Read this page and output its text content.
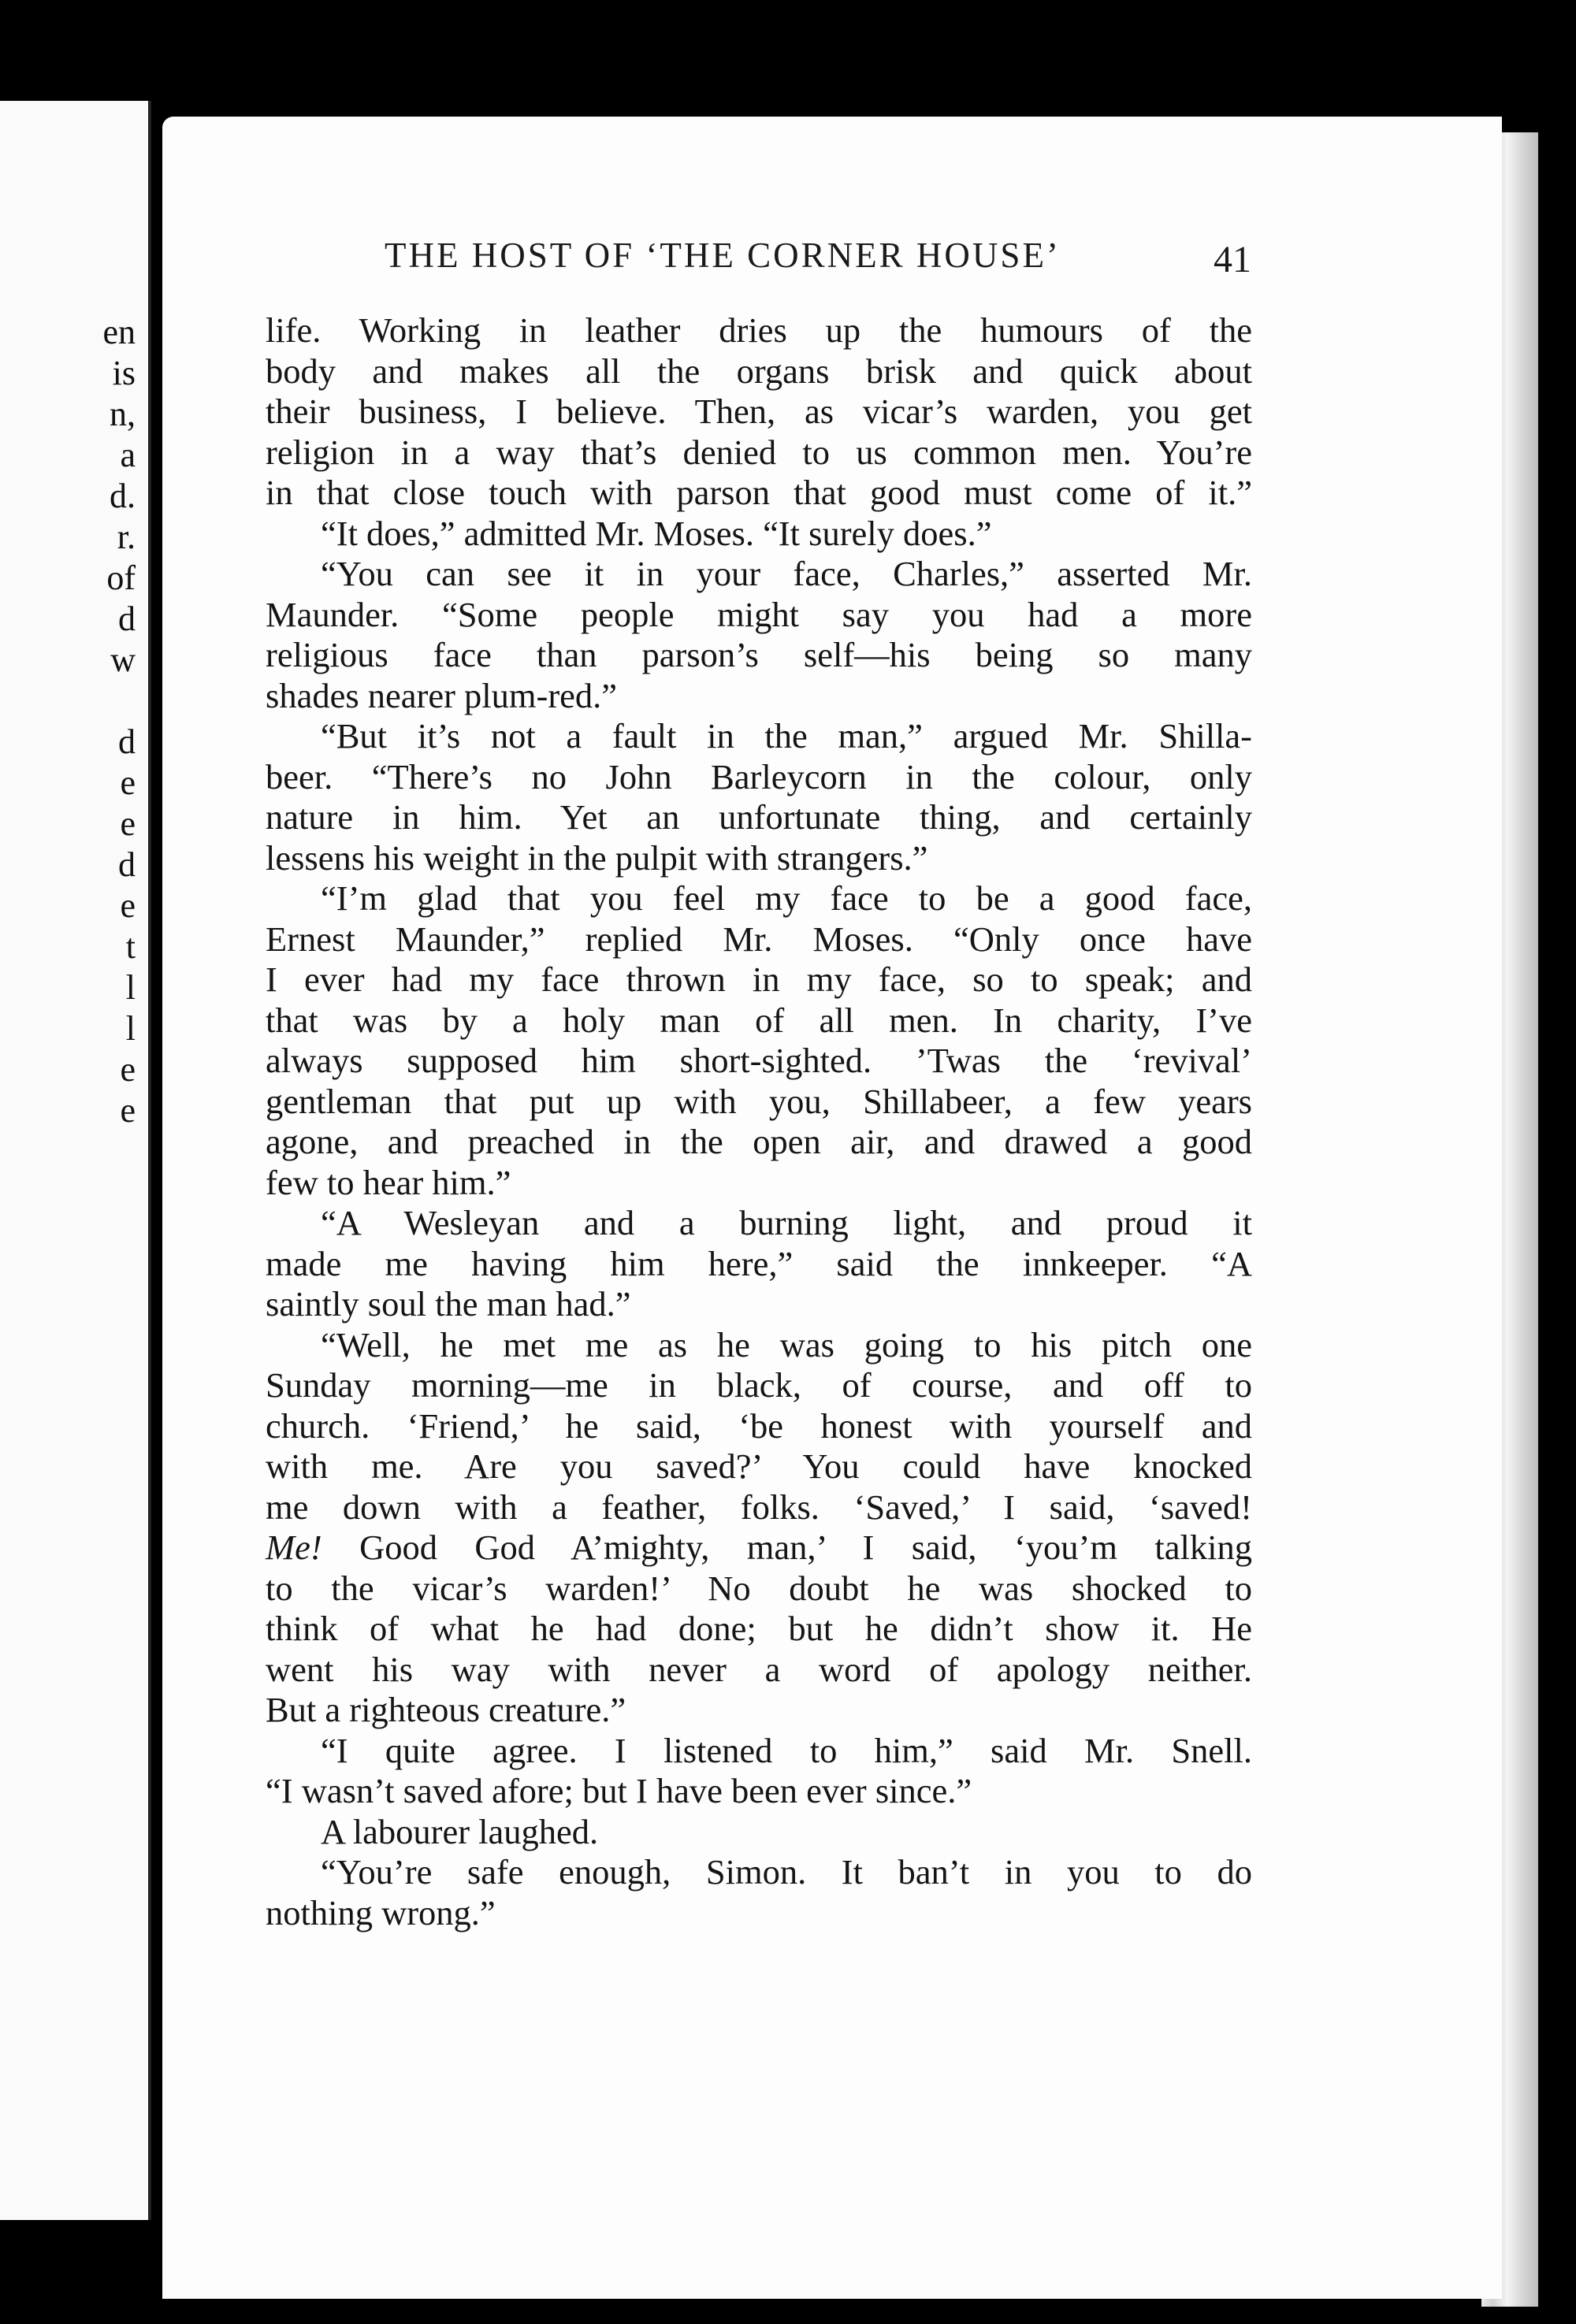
en
is
n,
a
d.
r.
of
d
w
d
e
e
d
e
t
l
l
e
e
THE HOST OF ‘THE CORNER HOUSE’	41
life. Working in leather dries up the humours of the
body and makes all the organs brisk and quick about
their business, I believe. Then, as vicar’s warden, you get
religion in a way that’s denied to us common men. You’re
in that close touch with parson that good must come of it.”
“It does,” admitted Mr. Moses. “It surely does.”
“You can see it in your face, Charles,” asserted Mr.
Maunder. “Some people might say you had a more
religious face than parson’s self—his being so many
shades nearer plum-red.”
“But it’s not a fault in the man,” argued Mr. Shilla-
beer. “There’s no John Barleycorn in the colour, only
nature in him. Yet an unfortunate thing, and certainly
lessens his weight in the pulpit with strangers.”
“I’m glad that you feel my face to be a good face,
Ernest Maunder,” replied Mr. Moses. “Only once have
I ever had my face thrown in my face, so to speak; and
that was by a holy man of all men. In charity, I’ve
always supposed him short-sighted. ’Twas the ‘revival’
gentleman that put up with you, Shillabeer, a few years
agone, and preached in the open air, and drawed a good
few to hear him.”
“A Wesleyan and a burning light, and proud it
made me having him here,” said the innkeeper. “A
saintly soul the man had.”
“Well, he met me as he was going to his pitch one
Sunday morning—me in black, of course, and off to
church. ‘Friend,’ he said, ‘be honest with yourself and
with me. Are you saved?’ You could have knocked
me down with a feather, folks. ‘Saved,’ I said, ‘saved!
Me! Good God A’mighty, man,’ I said, ‘you’m talking
to the vicar’s warden!’ No doubt he was shocked to
think of what he had done; but he didn’t show it. He
went his way with never a word of apology neither.
But a righteous creature.”
“I quite agree. I listened to him,” said Mr. Snell.
“I wasn’t saved afore; but I have been ever since.”
A labourer laughed.
“You’re safe enough, Simon. It ban’t in you to do
nothing wrong.”
